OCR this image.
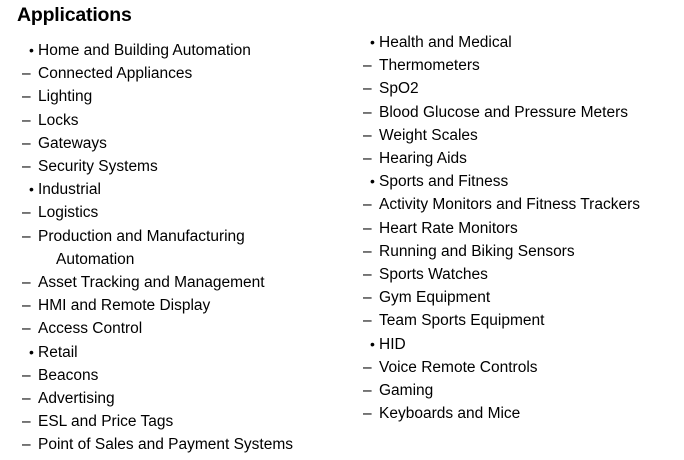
Applications
• Home and Building Automation
– Connected Appliances
– Lighting
– Locks
– Gateways
– Security Systems
• Industrial
– Logistics
– Production and Manufacturing
Automation
– Asset Tracking and Management
– HMI and Remote Display
– Access Control
• Retail
– Beacons
– Advertising
– ESL and Price Tags
– Point of Sales and Payment Systems
• Health and Medical
– Thermometers
– SpO2
– Blood Glucose and Pressure Meters
– Weight Scales
– Hearing Aids
• Sports and Fitness
– Activity Monitors and Fitness Trackers
– Heart Rate Monitors
– Running and Biking Sensors
– Sports Watches
– Gym Equipment
– Team Sports Equipment
• HID
– Voice Remote Controls
– Gaming
– Keyboards and Mice
